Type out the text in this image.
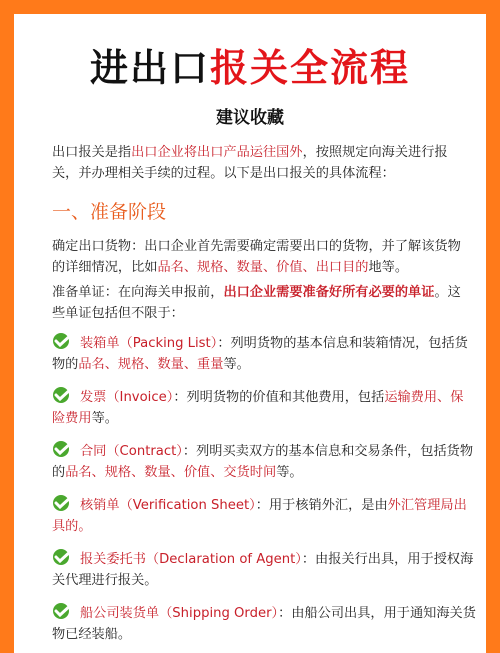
进出口报关全流程
建议收藏
出口报关是指出口企业将出口产品运往国外，按照规定向海关进行报关，并办理相关手续的过程。以下是出口报关的具体流程：
一、准备阶段
确定出口货物：出口企业首先需要确定需要出口的货物，并了解该货物的详细情况，比如品名、规格、数量、价值、出口目的地等。
准备单证：在向海关申报前，出口企业需要准备好所有必要的单证。这些单证包括但不限于：
装箱单（Packing List）：列明货物的基本信息和装箱情况，包括货物的品名、规格、数量、重量等。
发票（Invoice）：列明货物的价值和其他费用，包括运输费用、保险费用等。
合同（Contract）：列明买卖双方的基本信息和交易条件，包括货物的品名、规格、数量、价值、交货时间等。
核销单（Verification Sheet）：用于核销外汇，是由外汇管理局出具的。
报关委托书（Declaration of Agent）：由报关行出具，用于授权海关代理进行报关。
船公司装货单（Shipping Order）：由船公司出具，用于通知海关货物已经装船。
